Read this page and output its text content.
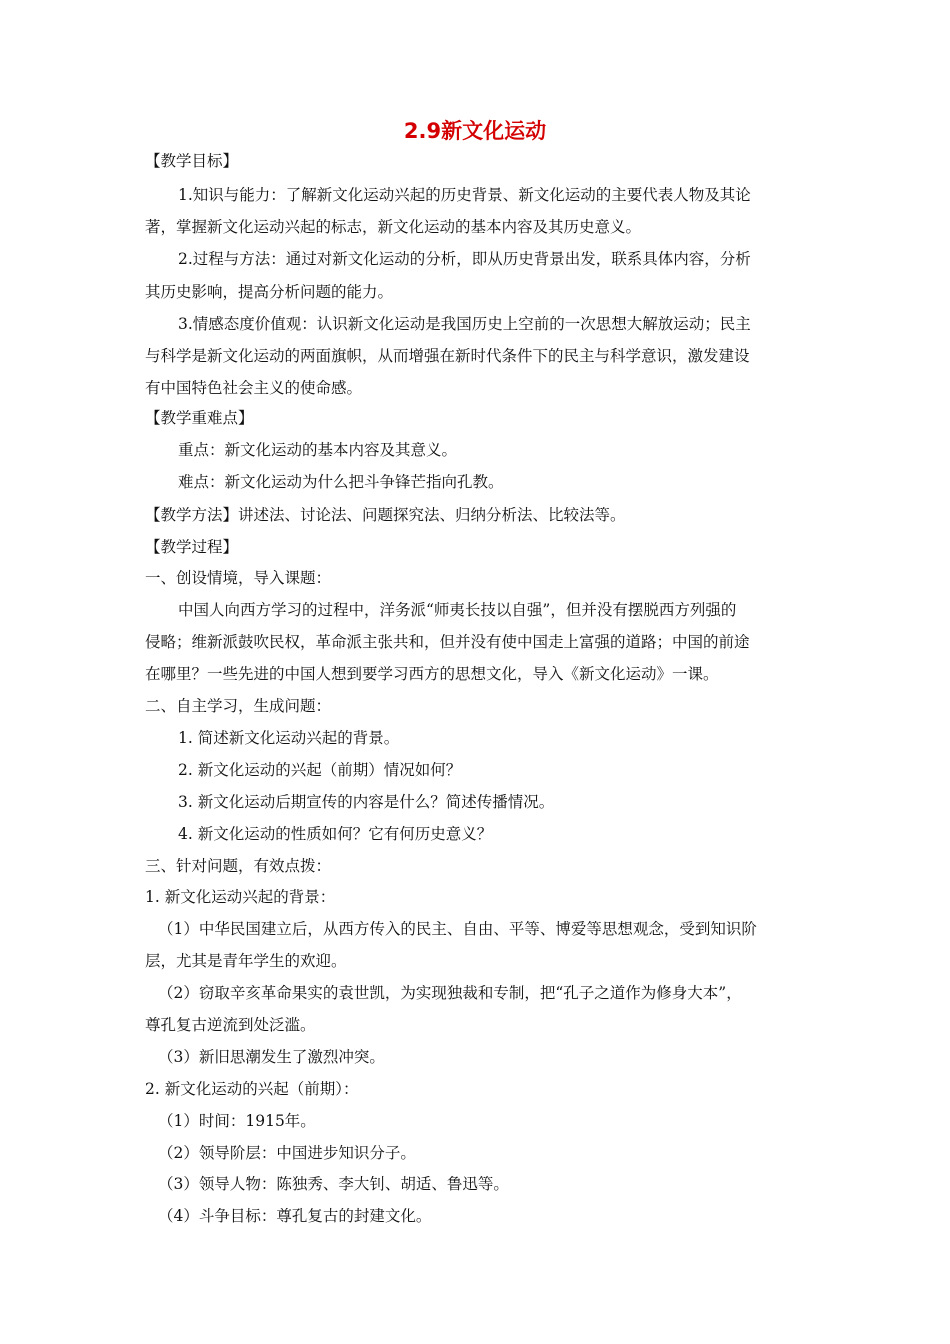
2.9新文化运动
【教学目标】
1.知识与能力：了解新文化运动兴起的历史背景、新文化运动的主要代表人物及其论
著，掌握新文化运动兴起的标志，新文化运动的基本内容及其历史意义。
2.过程与方法：通过对新文化运动的分析，即从历史背景出发，联系具体内容，分析
其历史影响，提高分析问题的能力。
3.情感态度价值观：认识新文化运动是我国历史上空前的一次思想大解放运动；民主
与科学是新文化运动的两面旗帜，从而增强在新时代条件下的民主与科学意识，激发建设
有中国特色社会主义的使命感。
【教学重难点】
重点：新文化运动的基本内容及其意义。
难点：新文化运动为什么把斗争锋芒指向孔教。
【教学方法】讲述法、讨论法、问题探究法、归纳分析法、比较法等。
【教学过程】
一、创设情境，导入课题：
中国人向西方学习的过程中，洋务派“师夷长技以自强”，但并没有摆脱西方列强的
侵略；维新派鼓吹民权，革命派主张共和，但并没有使中国走上富强的道路；中国的前途
在哪里？一些先进的中国人想到要学习西方的思想文化，导入《新文化运动》一课。
二、自主学习，生成问题：
1. 简述新文化运动兴起的背景。
2. 新文化运动的兴起（前期）情况如何？
3. 新文化运动后期宣传的内容是什么？简述传播情况。
4. 新文化运动的性质如何？它有何历史意义？
三、针对问题，有效点拨：
1. 新文化运动兴起的背景：
（1）中华民国建立后，从西方传入的民主、自由、平等、博爱等思想观念，受到知识阶
层，尤其是青年学生的欢迎。
（2）窃取辛亥革命果实的袁世凯，为实现独裁和专制，把“孔子之道作为修身大本”，
尊孔复古逆流到处泛滥。
（3）新旧思潮发生了激烈冲突。
2. 新文化运动的兴起（前期）：
（1）时间：1915年。
（2）领导阶层：中国进步知识分子。
（3）领导人物：陈独秀、李大钊、胡适、鲁迅等。
（4）斗争目标：尊孔复古的封建文化。
